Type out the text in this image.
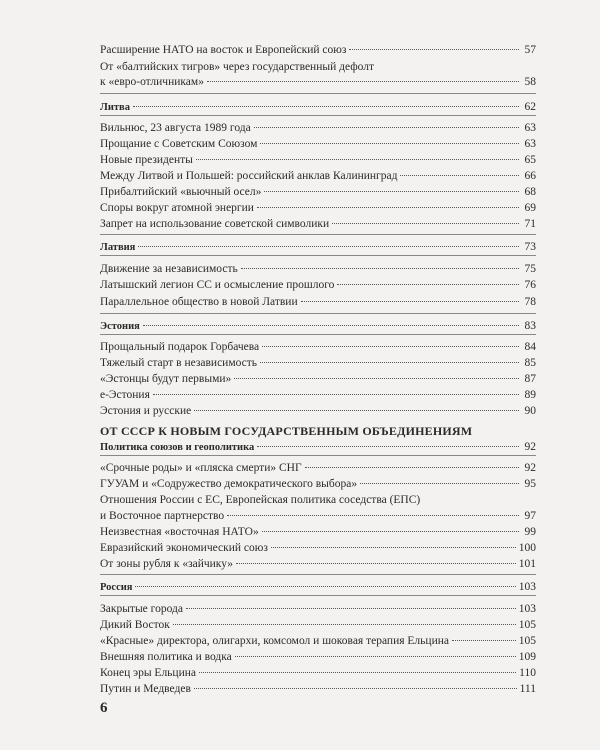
Расширение НАТО на восток и Европейский союз	57
От «балтийских тигров» через государственный дефолт
к «евро-отличникам»	58
Литва	62
Вильнюс, 23 августа 1989 года	63
Прощание с Советским Союзом	63
Новые президенты	65
Между Литвой и Польшей: российский анклав Калининград	66
Прибалтийский «вьючный осел»	68
Споры вокруг атомной энергии	69
Запрет на использование советской символики	71
Латвия	73
Движение за независимость	75
Латышский легион СС и осмысление прошлого	76
Параллельное общество в новой Латвии	78
Эстония	83
Прощальный подарок Горбачева	84
Тяжелый старт в независимость	85
«Эстонцы будут первыми»	87
e-Эстония	89
Эстония и русские	90
ОТ СССР К НОВЫМ ГОСУДАРСТВЕННЫМ ОБЪЕДИНЕНИЯМ
Политика союзов и геополитика	92
«Срочные роды» и «пляска смерти» СНГ	92
ГУУАМ и «Содружество демократического выбора»	95
Отношения России с ЕС, Европейская политика соседства (ЕПС)
и Восточное партнерство	97
Неизвестная «восточная НАТО»	99
Евразийский экономический союз	100
От зоны рубля к «зайчику»	101
Россия	103
Закрытые города	103
Дикий Восток	105
«Красные» директора, олигархи, комсомол и шоковая терапия Ельцина	105
Внешняя политика и водка	109
Конец эры Ельцина	110
Путин и Медведев	111
6
